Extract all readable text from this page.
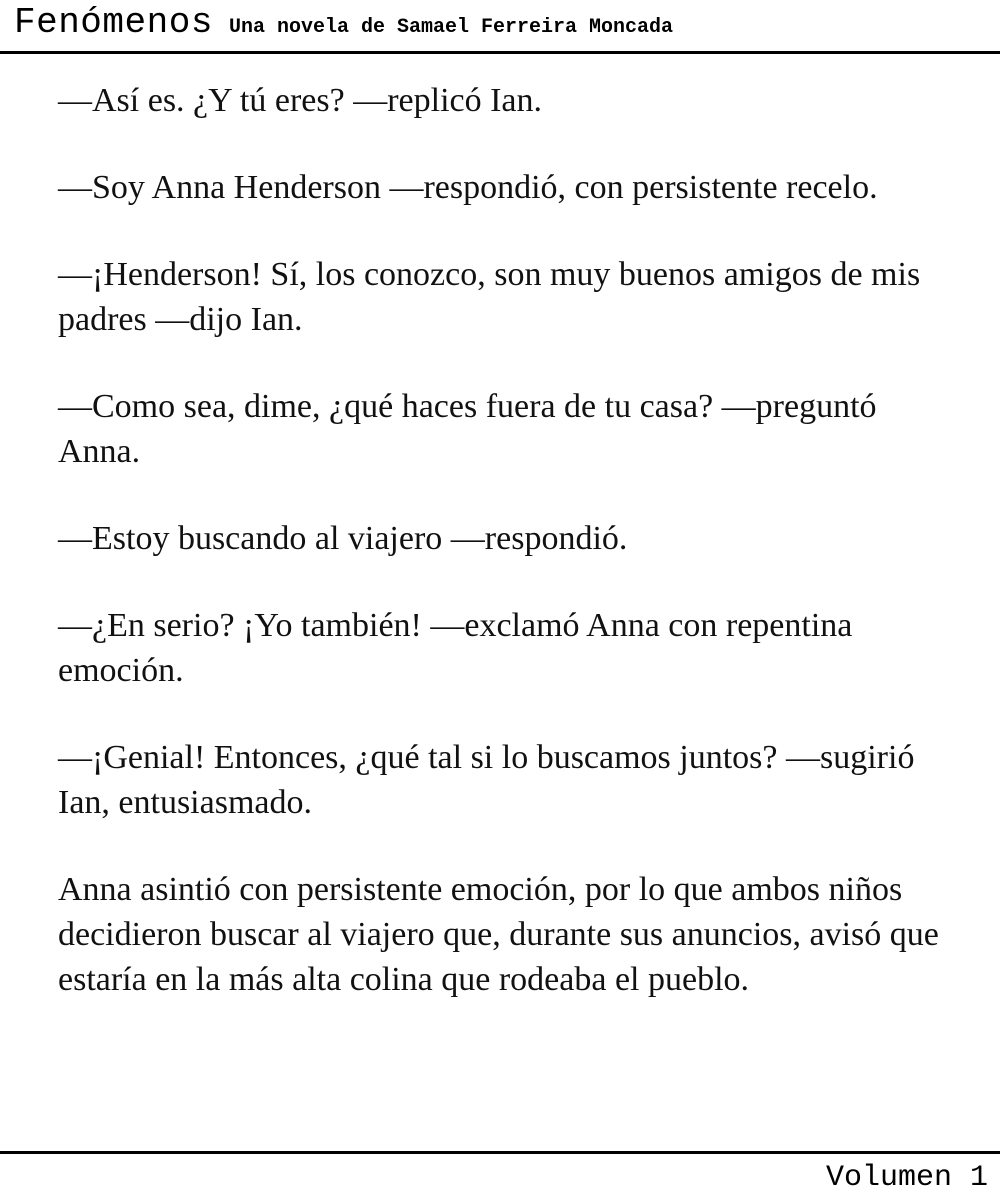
Fenómenos Una novela de Samael Ferreira Moncada

—Así es. ¿Y tú eres? —replicó Ian.

—Soy Anna Henderson —respondió, con persistente recelo.

—¡Henderson! Sí, los conozco, son muy buenos amigos de mis padres —dijo Ian.

—Como sea, dime, ¿qué haces fuera de tu casa? —preguntó Anna.

—Estoy buscando al viajero —respondió.

—¿En serio? ¡Yo también! —exclamó Anna con repentina emoción.

—¡Genial! Entonces, ¿qué tal si lo buscamos juntos? —sugirió Ian, entusiasmado.

Anna asintió con persistente emoción, por lo que ambos niños decidieron buscar al viajero que, durante sus anuncios, avisó que estaría en la más alta colina que rodeaba el pueblo.

Volumen 1
